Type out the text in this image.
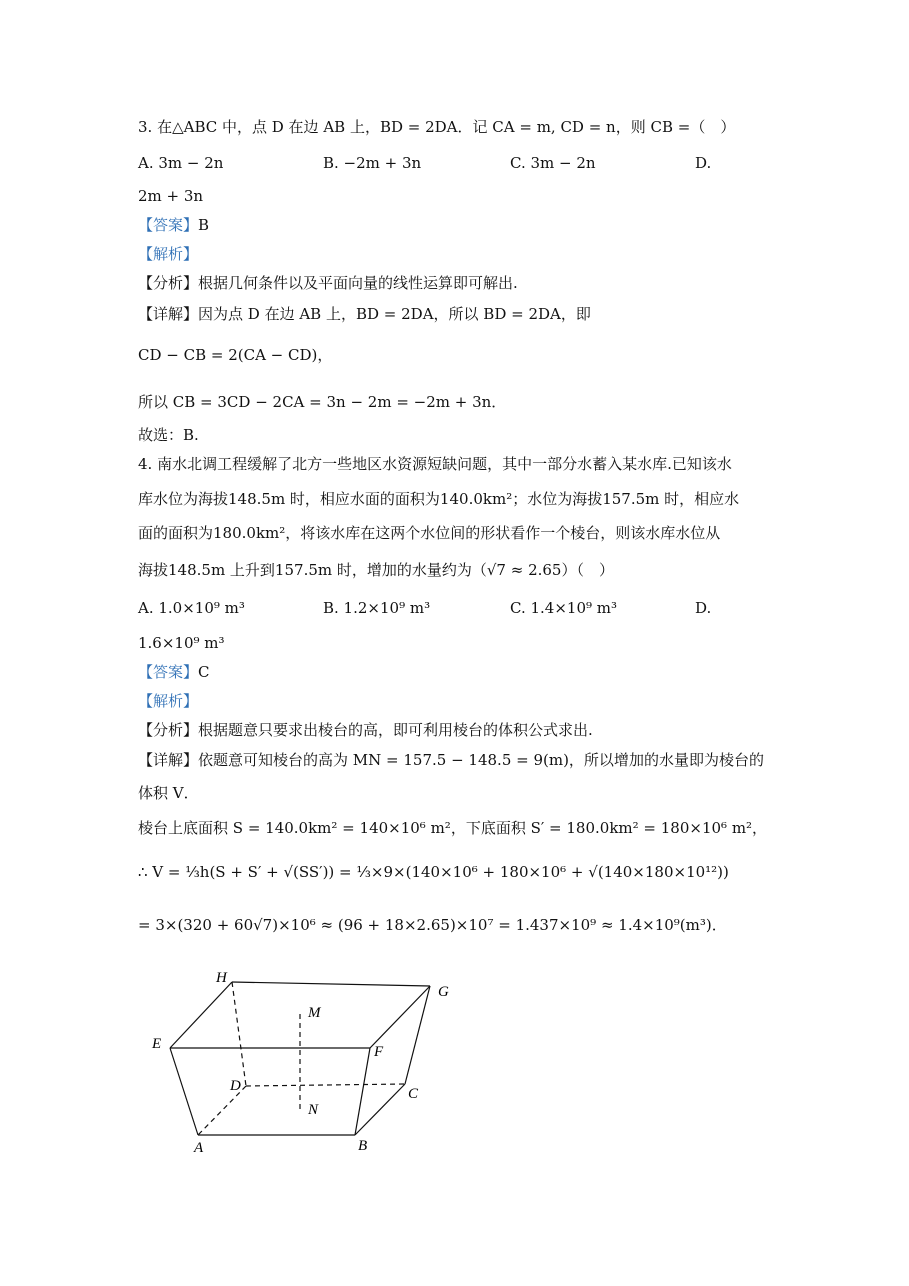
3. 在△ABC 中，点 D 在边 AB 上，BD = 2DA．记 CA = m, CD = n，则 CB =（　）
A. 3m − 2n	B. −2m + 3n	C. 3m − 2n	D.
2m + 3n
【答案】B
【解析】
【分析】根据几何条件以及平面向量的线性运算即可解出.
【详解】因为点 D 在边 AB 上，BD = 2DA，所以 BD = 2DA，即
CD − CB = 2(CA − CD)，
所以 CB = 3CD − 2CA = 3n − 2m = −2m + 3n．
故选：B.
4. 南水北调工程缓解了北方一些地区水资源短缺问题，其中一部分水蓄入某水库.已知该水
库水位为海拔148.5m 时，相应水面的面积为140.0km²；水位为海拔157.5m 时，相应水
面的面积为180.0km²，将该水库在这两个水位间的形状看作一个棱台，则该水库水位从
海拔148.5m 上升到157.5m 时，增加的水量约为（√7 ≈ 2.65）（　）
A. 1.0×10⁹ m³	B. 1.2×10⁹ m³	C. 1.4×10⁹ m³	D.
1.6×10⁹ m³
【答案】C
【解析】
【分析】根据题意只要求出棱台的高，即可利用棱台的体积公式求出.
【详解】依题意可知棱台的高为 MN = 157.5 − 148.5 = 9(m)，所以增加的水量即为棱台的
体积 V．
棱台上底面积 S = 140.0km² = 140×10⁶ m²，下底面积 S′ = 180.0km² = 180×10⁶ m²，
∴ V = ⅓h(S + S′ + √(SS′)) = ⅓×9×(140×10⁶ + 180×10⁶ + √(140×180×10¹²))
= 3×(320 + 60√7)×10⁶ ≈ (96 + 18×2.65)×10⁷ = 1.437×10⁹ ≈ 1.4×10⁹(m³)．
H
G
M
E	F
D	C
N
A	B
